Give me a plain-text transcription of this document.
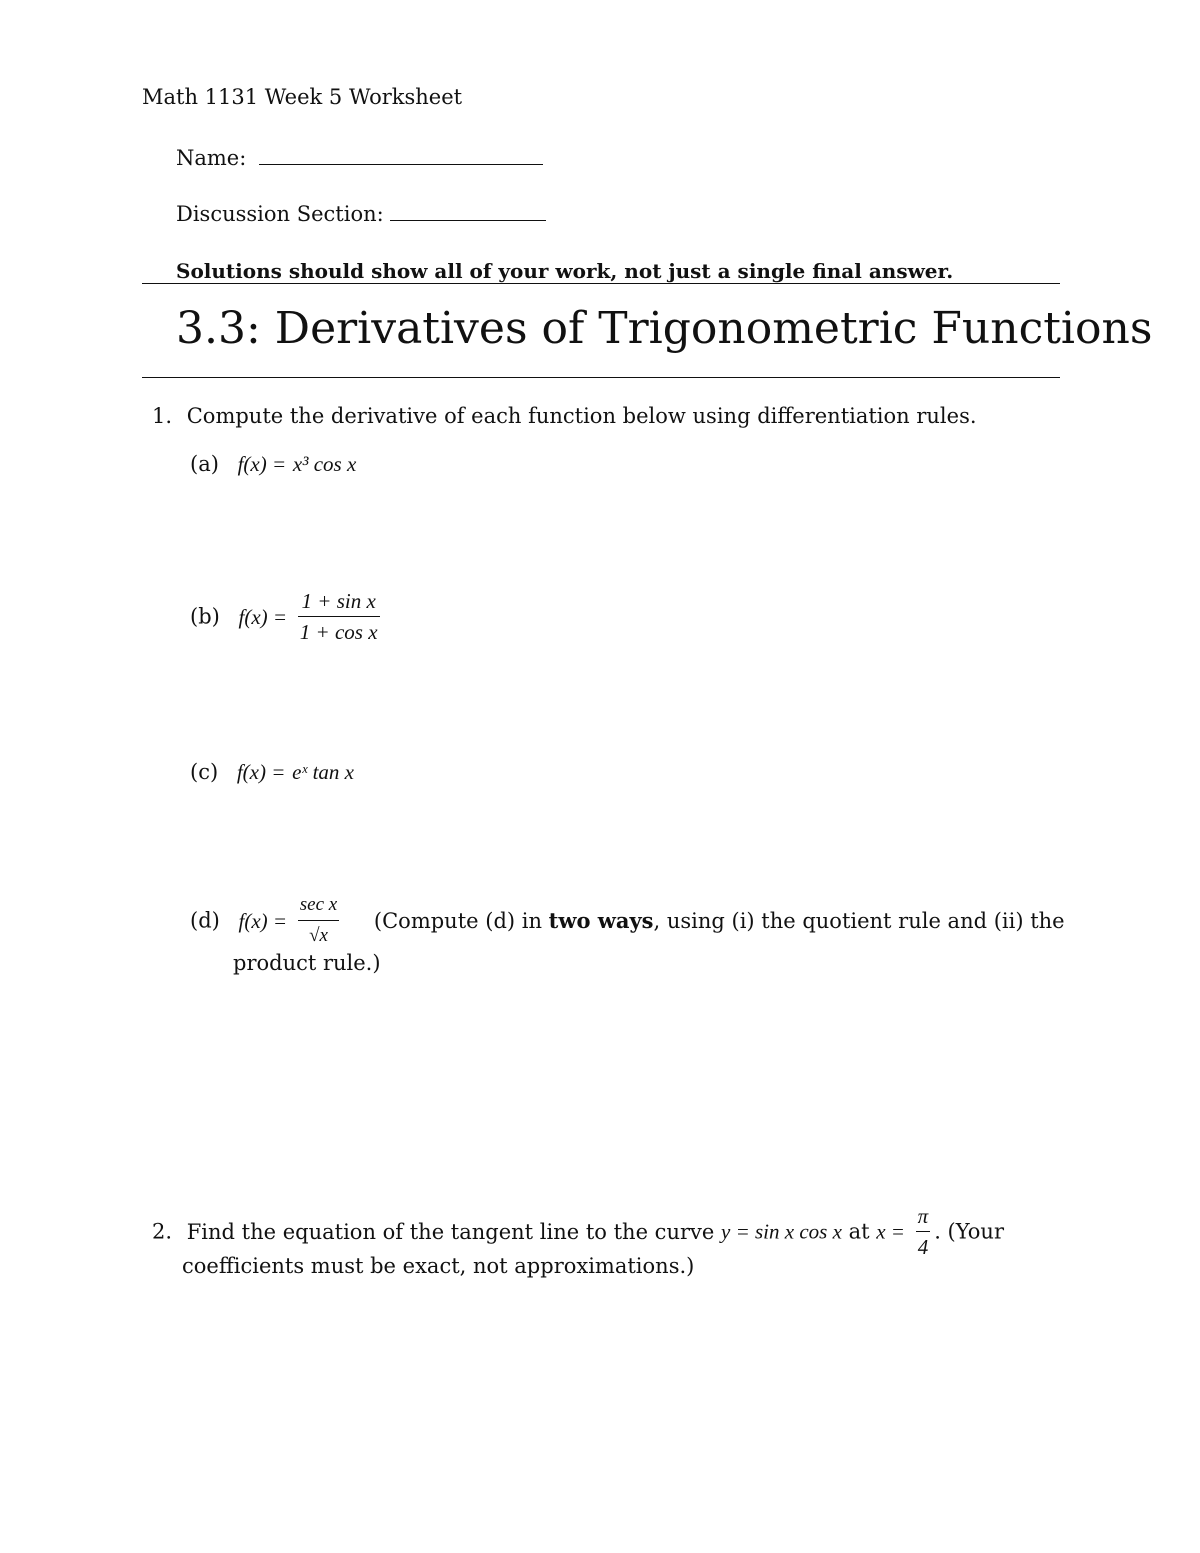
Math 1131 Week 5 Worksheet
Name:
Discussion Section:
Solutions should show all of your work, not just a single final answer.
3.3: Derivatives of Trigonometric Functions
1. Compute the derivative of each function below using differentiation rules.
(a) f(x) = x³ cos x
(b) $f(x) = \frac{\text{1 + sin x}}{\text{1 + cos x}}$
(c) f(x) = eˣ tan x
(d) $f(x) = \frac{\text{sec x}}{√x}$ (Compute (d) in two ways, using (i) the quotient rule and (ii) the
product rule.)
2. Find the equation of the tangent line to the curve y = sin x cos x at $x = \frac{\pi}{4}$ . (Your
coefficients must be exact, not approximations.)
